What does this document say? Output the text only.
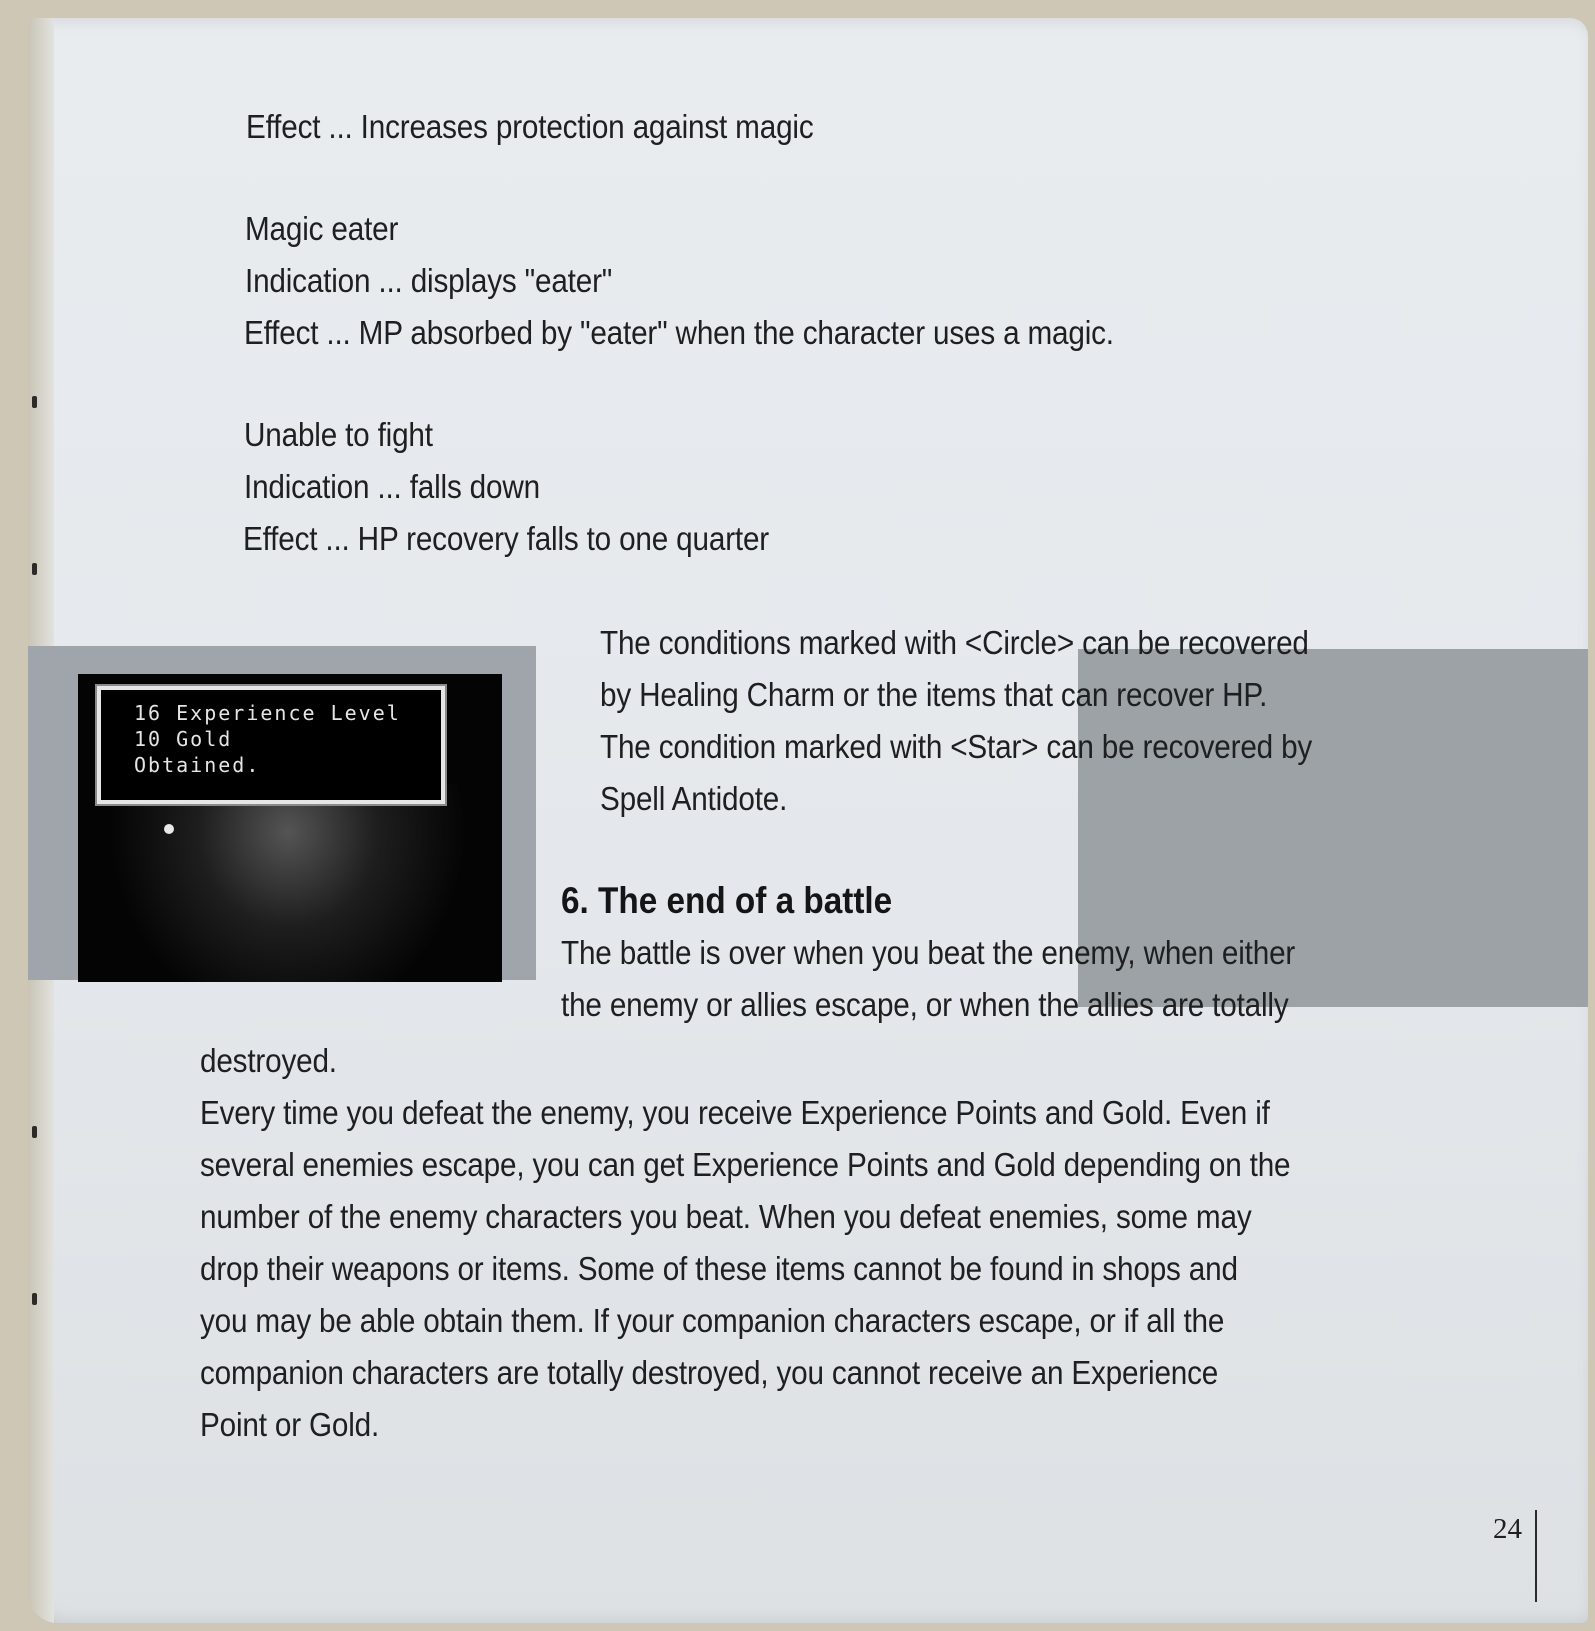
Effect ... Increases protection against magic

Magic eater

Indication ... displays "eater"

Effect ... MP absorbed by "eater" when the character uses a magic.

Unable to fight

Indication ... falls down

Effect ... HP recovery falls to one quarter

16 Experience Level

10 Gold

Obtained.

The conditions marked with <Circle> can be recovered

by Healing Charm or the items that can recover HP.

The condition marked with <Star> can be recovered by

Spell Antidote.

6. The end of a battle

The battle is over when you beat the enemy, when either

the enemy or allies escape, or when the allies are totally

destroyed.

Every time you defeat the enemy, you receive Experience Points and Gold. Even if

several enemies escape, you can get Experience Points and Gold depending on the

number of the enemy characters you beat. When you defeat enemies, some may

drop their weapons or items. Some of these items cannot be found in shops and

you may be able obtain them. If your companion characters escape, or if all the

companion characters are totally destroyed, you cannot receive an Experience

Point or Gold.

24
